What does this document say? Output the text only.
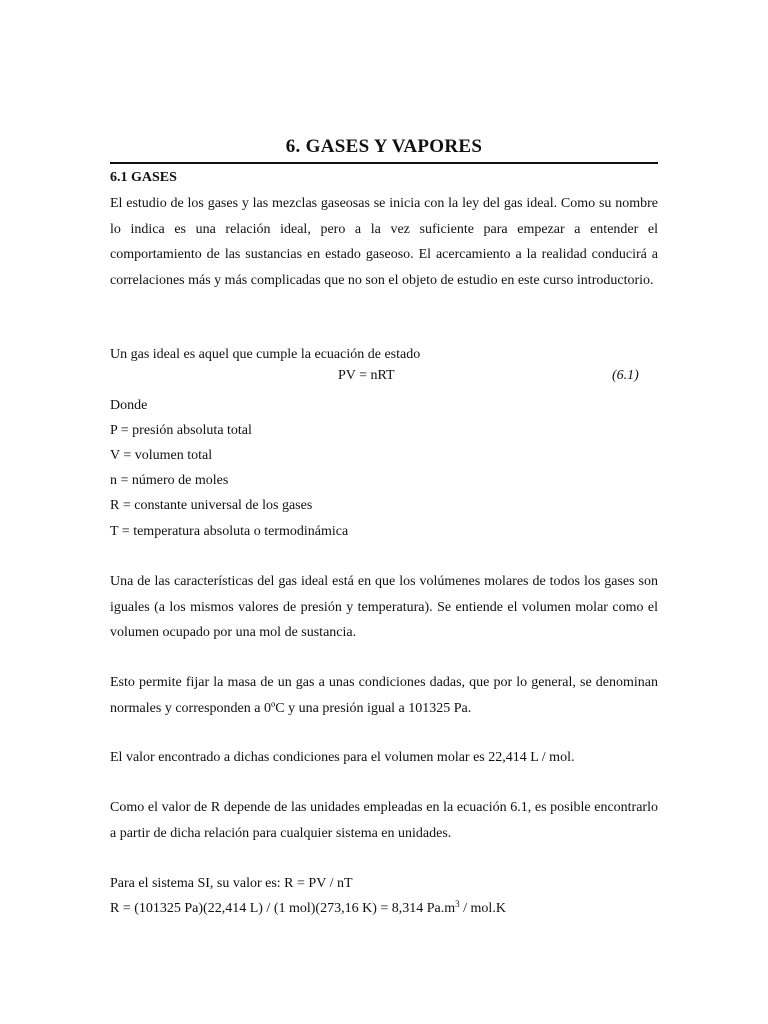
6. GASES Y VAPORES
6.1 GASES
El estudio de los gases y las mezclas gaseosas se inicia con la ley del gas ideal. Como su nombre lo indica es una relación ideal, pero a la vez suficiente para empezar a entender el comportamiento de las sustancias en estado gaseoso. El acercamiento a la realidad conducirá a correlaciones más y más complicadas que no son el objeto de estudio en este curso introductorio.
Un gas ideal es aquel que cumple la ecuación de estado
PV = nRT	(6.1)
Donde
P = presión absoluta total
V = volumen total
n = número de moles
R = constante universal de los gases
T = temperatura absoluta o termodinámica
Una de las características del gas ideal está en que los volúmenes molares de todos los gases son iguales (a los mismos valores de presión y temperatura). Se entiende el volumen molar como el volumen ocupado por una mol de sustancia.
Esto permite fijar la masa de un gas a unas condiciones dadas, que por lo general, se denominan normales y corresponden a 0ºC y una presión igual a 101325 Pa.
El valor encontrado a dichas condiciones para el volumen molar es 22,414 L / mol.
Como el valor de R depende de las unidades empleadas en la ecuación 6.1, es posible encontrarlo a partir de dicha relación para cualquier sistema en unidades.
Para el sistema SI, su valor es: R = PV / nT
R = (101325 Pa)(22,414 L) / (1 mol)(273,16 K) = 8,314 $Pa.m^3 / mol.K$
